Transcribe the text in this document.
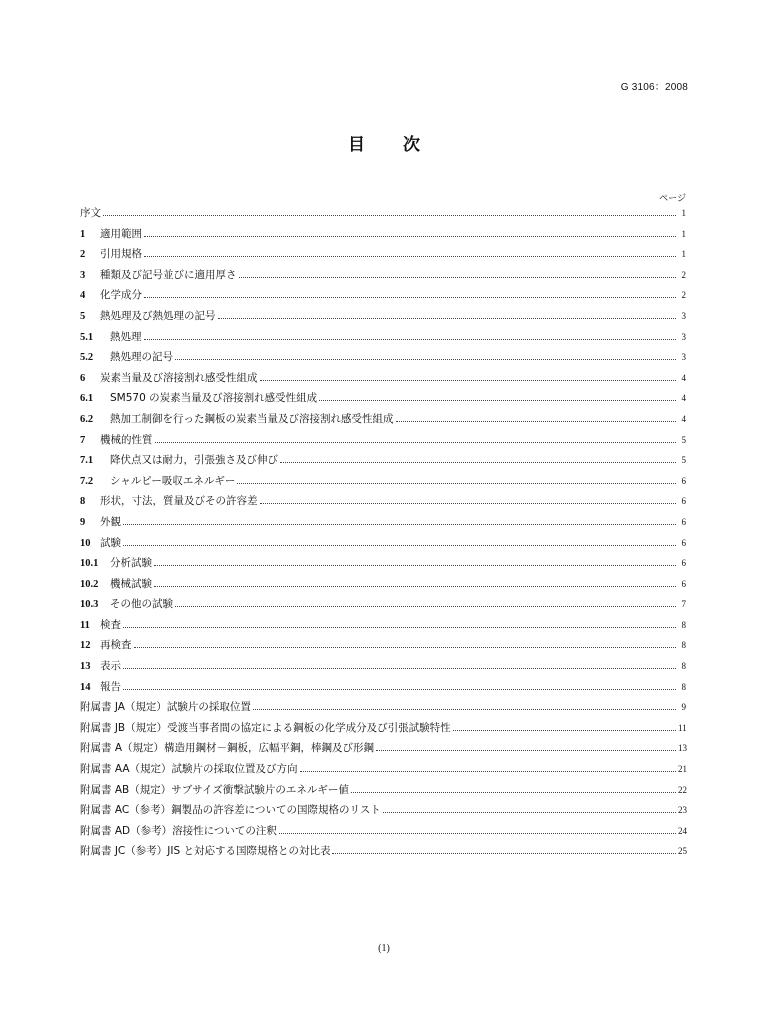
G 3106：2008
目 次
ページ
序文	1
1	適用範囲	1
2	引用規格	1
3	種類及び記号並びに適用厚さ	2
4	化学成分	2
5	熱処理及び熱処理の記号	3
5.1	熱処理	3
5.2	熱処理の記号	3
6	炭素当量及び溶接割れ感受性組成	4
6.1	SM570 の炭素当量及び溶接割れ感受性組成	4
6.2	熱加工制御を行った鋼板の炭素当量及び溶接割れ感受性組成	4
7	機械的性質	5
7.1	降伏点又は耐力，引張強さ及び伸び	5
7.2	シャルピー吸収エネルギー	6
8	形状，寸法，質量及びその許容差	6
9	外観	6
10 試験	6
10.1	分析試験	6
10.2	機械試験	6
10.3	その他の試験	7
11 検査	8
12 再検査	8
13 表示	8
14 報告	8
附属書 JA（規定）試験片の採取位置	9
附属書 JB（規定）受渡当事者間の協定による鋼板の化学成分及び引張試験特性	11
附属書 A（規定）構造用鋼材－鋼板，広幅平鋼，棒鋼及び形鋼	13
附属書 AA（規定）試験片の採取位置及び方向	21
附属書 AB（規定）サブサイズ衝撃試験片のエネルギー値	22
附属書 AC（参考）鋼製品の許容差についての国際規格のリスト	23
附属書 AD（参考）溶接性についての注釈	24
附属書 JC（参考）JIS と対応する国際規格との対比表	25
(1)
